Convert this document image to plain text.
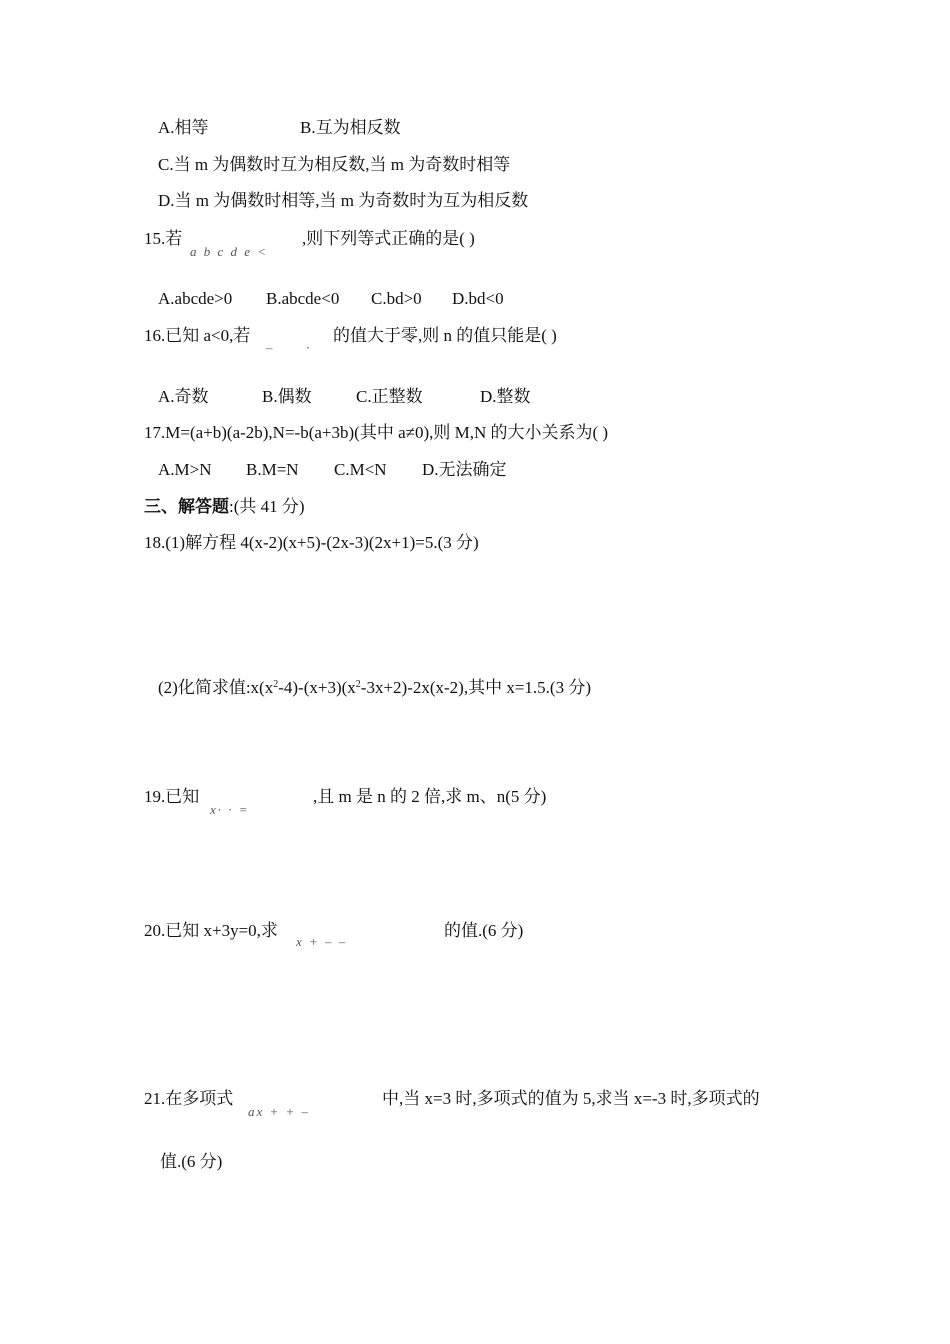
A.相等	B.互为相反数
C.当 m 为偶数时互为相反数,当 m 为奇数时相等
D.当 m 为偶数时相等,当 m 为奇数时为互为相反数
15.若
a b c d e <
,则下列等式正确的是( )
A.abcde>0 B.abcde<0 C.bd>0 D.bd<0
16.已知 a<0,若
– ·
的值大于零,则 n 的值只能是( )
A.奇数	B.偶数	C.正整数	D.整数
17.M=(a+b)(a-2b),N=-b(a+3b)(其中 a≠0),则 M,N 的大小关系为( )
A.M>N B.M=N C.M<N D.无法确定
三、解答题:(共 41 分)
18.(1)解方程 4(x-2)(x+5)-(2x-3)(2x+1)=5.(3 分)
(2)化简求值$:x(x^2-4)-(x+3)(x^2-3x+2)-2x(x-2)$,其中 x=1.5.(3 分)
19.已知
x· · =
,且 m 是 n 的 2 倍,求 m、n(5 分)
20.已知 x+3y=0,求
x + – –
的值.(6 分)
21.在多项式
ax + + –
中,当 x=3 时,多项式的值为 5,求当 x=-3 时,多项式的
值.(6 分)
